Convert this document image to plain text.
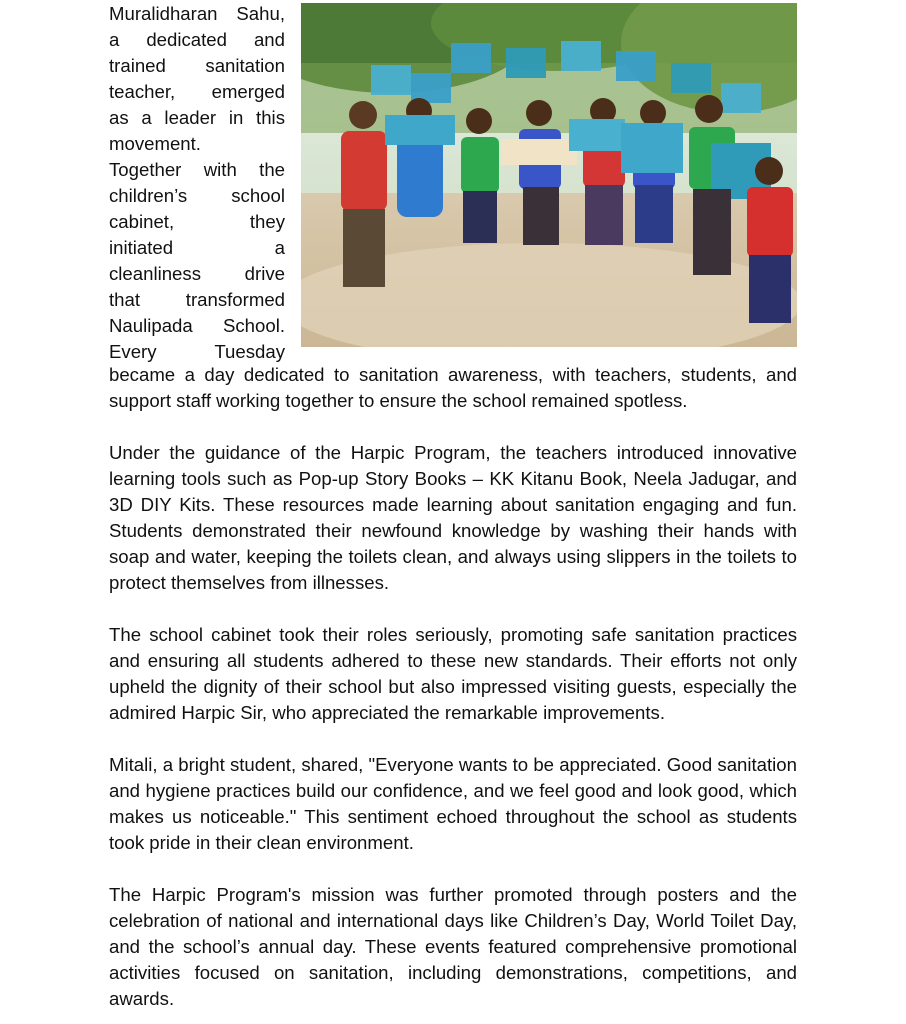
Muralidharan Sahu,
a dedicated and
trained sanitation
teacher, emerged
as a leader in this
movement.
Together with the
children’s school
cabinet, they
initiated a
cleanliness drive
that transformed
Naulipada School.
Every Tuesday

became a day dedicated to sanitation awareness, with teachers, students, and support staff working together to ensure the school remained spotless.

Under the guidance of the Harpic Program, the teachers introduced innovative learning tools such as Pop-up Story Books – KK Kitanu Book, Neela Jadugar, and 3D DIY Kits. These resources made learning about sanitation engaging and fun. Students demonstrated their newfound knowledge by washing their hands with soap and water, keeping the toilets clean, and always using slippers in the toilets to protect themselves from illnesses.

The school cabinet took their roles seriously, promoting safe sanitation practices and ensuring all students adhered to these new standards. Their efforts not only upheld the dignity of their school but also impressed visiting guests, especially the admired Harpic Sir, who appreciated the remarkable improvements.

Mitali, a bright student, shared, "Everyone wants to be appreciated. Good sanitation and hygiene practices build our confidence, and we feel good and look good, which makes us noticeable." This sentiment echoed throughout the school as students took pride in their clean environment.

The Harpic Program's mission was further promoted through posters and the celebration of national and international days like Children’s Day, World Toilet Day, and the school’s annual day. These events featured comprehensive promotional activities focused on sanitation, including demonstrations, competitions, and awards.
